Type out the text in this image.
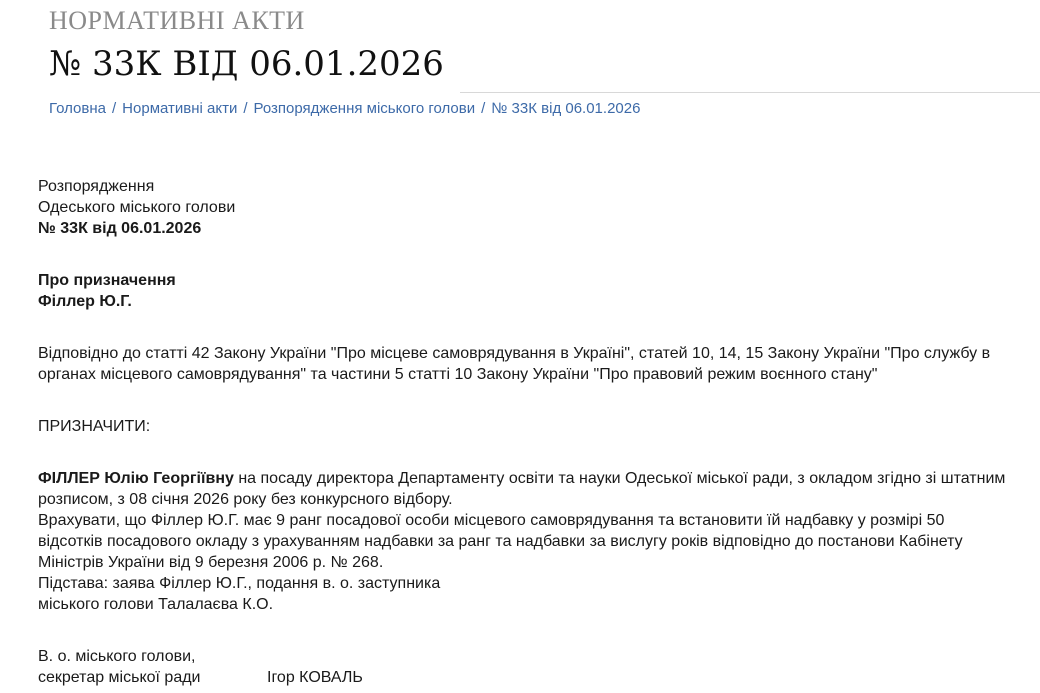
НОРМАТИВНІ АКТИ
№ 33К ВІД 06.01.2026
Головна / Нормативні акти / Розпорядження міського голови / № 33К від 06.01.2026

Розпорядження

Одеського міського голови

№ 33К від 06.01.2026

Про призначення

Філлер Ю.Г.

Відповідно до статті 42 Закону України "Про місцеве самоврядування в Україні", статей 10, 14, 15 Закону України "Про службу в

органах місцевого самоврядування" та частини 5 статті 10 Закону України "Про правовий режим воєнного стану"

ПРИЗНАЧИТИ:

ФІЛЛЕР Юлію Георгіївну на посаду директора Департаменту освіти та науки Одеської міської ради, з окладом згідно зі штатним

розписом, з 08 січня 2026 року без конкурсного відбору.

Врахувати, що Філлер Ю.Г. має 9 ранг посадової особи місцевого самоврядування та встановити їй надбавку у розмірі 50

відсотків посадового окладу з урахуванням надбавки за ранг та надбавки за вислугу років відповідно до постанови Кабінету

Міністрів України від 9 березня 2006 р. № 268.

Підстава: заява Філлер Ю.Г., подання в. о. заступника

міського голови Талалаєва К.О.

В. о. міського голови,

секретар міської ради	Ігор КОВАЛЬ
